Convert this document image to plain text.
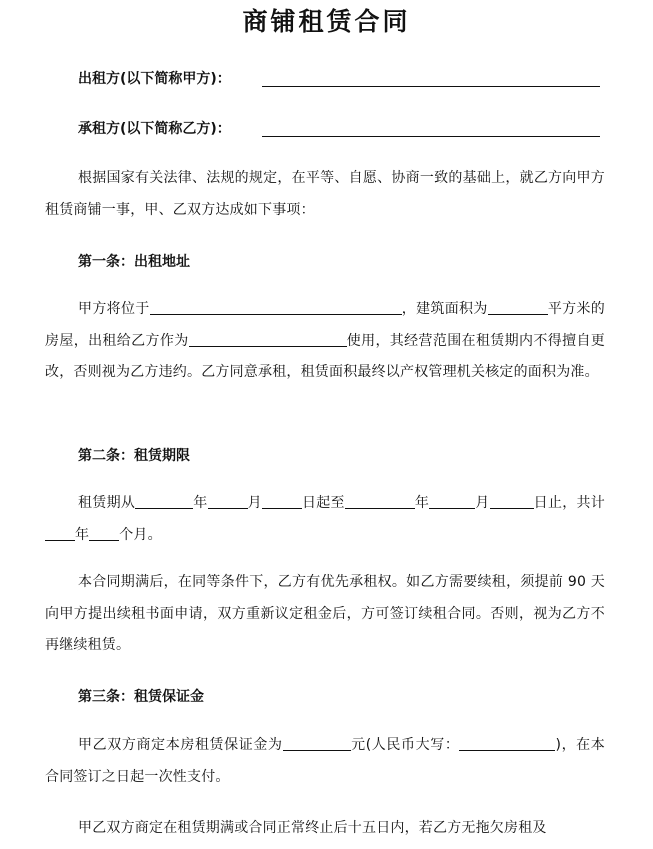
商铺租赁合同
出租方(以下简称甲方)：
承租方(以下简称乙方)：
根据国家有关法律、法规的规定，在平等、自愿、协商一致的基础上，就乙方向甲方租赁商铺一事，甲、乙双方达成如下事项：
第一条：出租地址
甲方将位于	，建筑面积为	平方米的房屋，出租给乙方作为	使用，其经营范围在租赁期内不得擅自更改，否则视为乙方违约。乙方同意承租，租赁面积最终以产权管理机关核定的面积为准。
第二条：租赁期限
租赁期从	年	月	日起至	年	月	日止，共计年 个月。
本合同期满后，在同等条件下，乙方有优先承租权。如乙方需要续租，须提前 90 天向甲方提出续租书面申请，双方重新议定租金后，方可签订续租合同。否则，视为乙方不再继续租赁。
第三条：租赁保证金
甲乙双方商定本房租赁保证金为	元(人民币大写：	)，在本合同签订之日起一次性支付。
甲乙双方商定在租赁期满或合同正常终止后十五日内，若乙方无拖欠房租及
